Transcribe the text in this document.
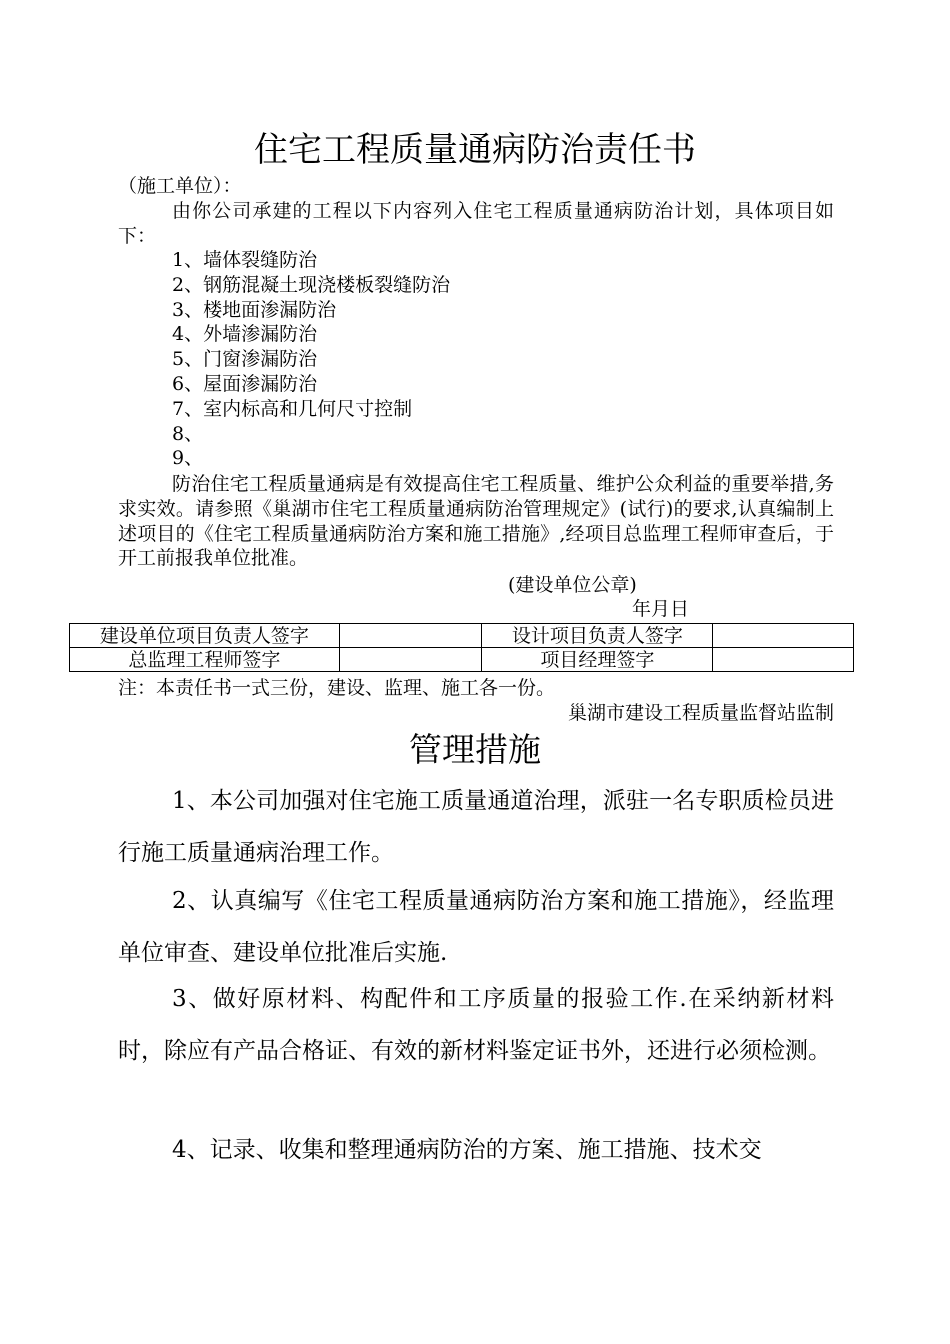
住宅工程质量通病防治责任书

（施工单位）：

由你公司承建的工程以下内容列入住宅工程质量通病防治计划，具体项目如下：

1、墙体裂缝防治
2、钢筋混凝土现浇楼板裂缝防治
3、楼地面渗漏防治
4、外墙渗漏防治
5、门窗渗漏防治
6、屋面渗漏防治
7、室内标高和几何尺寸控制
8、
9、

防治住宅工程质量通病是有效提高住宅工程质量、维护公众利益的重要举措,务求实效。请参照《巢湖市住宅工程质量通病防治管理规定》(试行)的要求,认真编制上述项目的《住宅工程质量通病防治方案和施工措施》,经项目总监理工程师审查后，于开工前报我单位批准。

(建设单位公章)

年月日

建设单位项目负责人签字		设计项目负责人签字	
总监理工程师签字		项目经理签字	

注：本责任书一式三份，建设、监理、施工各一份。

巢湖市建设工程质量监督站监制

管理措施

1、本公司加强对住宅施工质量通道治理，派驻一名专职质检员进行施工质量通病治理工作。

2、认真编写《住宅工程质量通病防治方案和施工措施》，经监理单位审查、建设单位批准后实施.

3、做好原材料、构配件和工序质量的报验工作.在采纳新材料时，除应有产品合格证、有效的新材料鉴定证书外，还进行必须检测。

4、记录、收集和整理通病防治的方案、施工措施、技术交
